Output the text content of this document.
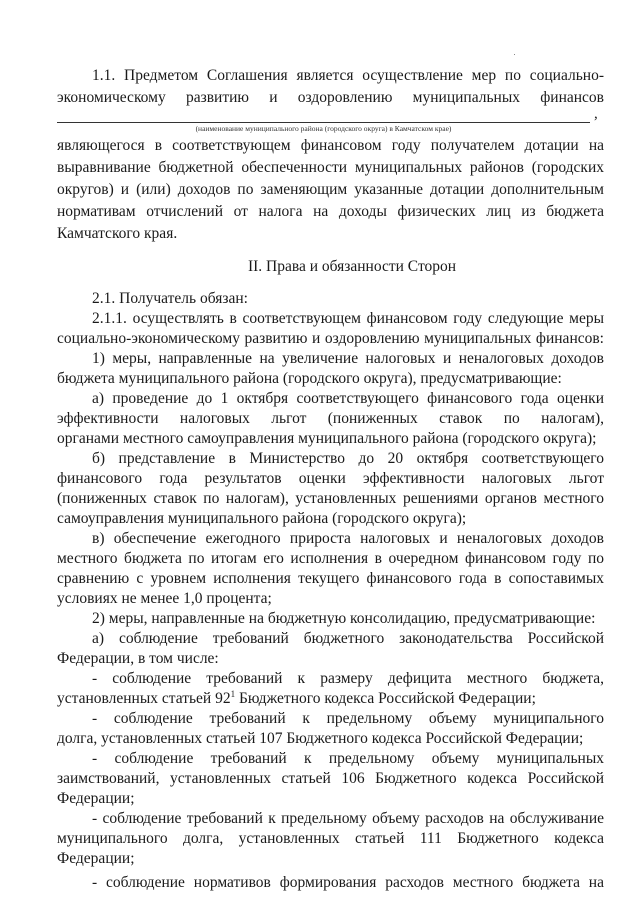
1.1. Предметом Соглашения является осуществление мер по социально-
экономическому развитию и оздоровлению муниципальных финансов
,
(наименование муниципального района (городского округа) в Камчатском крае)
являющегося в соответствующем финансовом году получателем дотации на
выравнивание бюджетной обеспеченности муниципальных районов (городских
округов) и (или) доходов по заменяющим указанные дотации дополнительным
нормативам отчислений от налога на доходы физических лиц из бюджета
Камчатского края.
II. Права и обязанности Сторон
2.1. Получатель обязан:
2.1.1. осуществлять в соответствующем финансовом году следующие меры
социально-экономическому развитию и оздоровлению муниципальных финансов:
1) меры, направленные на увеличение налоговых и неналоговых доходов
бюджета муниципального района (городского округа), предусматривающие:
а) проведение до 1 октября соответствующего финансового года оценки
эффективности налоговых льгот (пониженных ставок по налогам),
органами местного самоуправления муниципального района (городского округа);
б) представление в Министерство до 20 октября соответствующего
финансового года результатов оценки эффективности налоговых льгот
(пониженных ставок по налогам), установленных решениями органов местного
самоуправления муниципального района (городского округа);
в) обеспечение ежегодного прироста налоговых и неналоговых доходов
местного бюджета по итогам его исполнения в очередном финансовом году по
сравнению с уровнем исполнения текущего финансового года в сопоставимых
условиях не менее 1,0 процента;
2) меры, направленные на бюджетную консолидацию, предусматривающие:
а) соблюдение требований бюджетного законодательства Российской
Федерации, в том числе:
- соблюдение требований к размеру дефицита местного бюджета,
установленных статьей $92^1$ Бюджетного кодекса Российской Федерации;
- соблюдение требований к предельному объему муниципального
долга, установленных статьей 107 Бюджетного кодекса Российской Федерации;
- соблюдение требований к предельному объему муниципальных
заимствований, установленных статьей 106 Бюджетного кодекса Российской
Федерации;
- соблюдение требований к предельному объему расходов на обслуживание
муниципального долга, установленных статьей 111 Бюджетного кодекса
Федерации;
- соблюдение нормативов формирования расходов местного бюджета на
